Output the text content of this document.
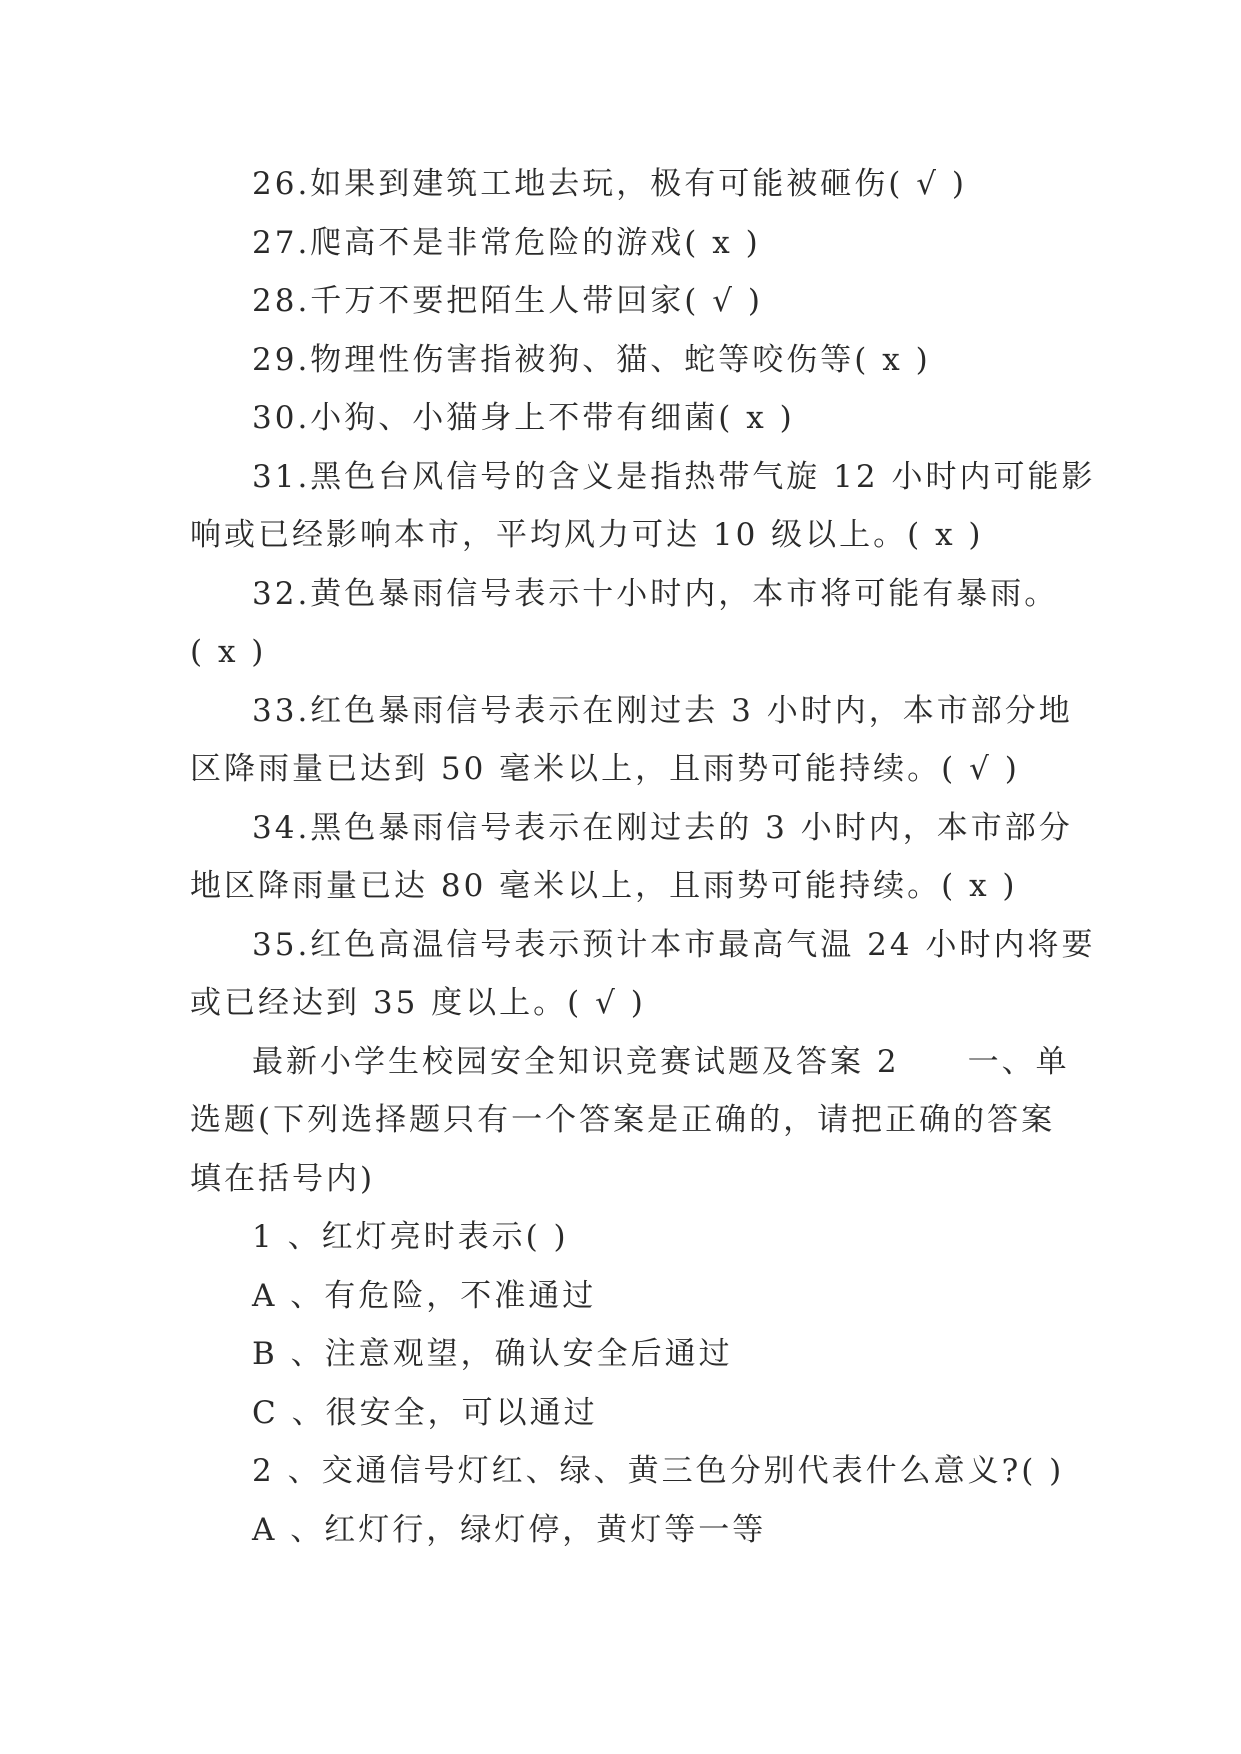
26.如果到建筑工地去玩，极有可能被砸伤( √ )
27.爬高不是非常危险的游戏( x )
28.千万不要把陌生人带回家( √ )
29.物理性伤害指被狗、猫、蛇等咬伤等( x )
30.小狗、小猫身上不带有细菌( x )
31.黑色台风信号的含义是指热带气旋 12 小时内可能影
响或已经影响本市，平均风力可达 10 级以上。( x )
32.黄色暴雨信号表示十小时内，本市将可能有暴雨。
( x )
33.红色暴雨信号表示在刚过去 3 小时内，本市部分地
区降雨量已达到 50 毫米以上，且雨势可能持续。( √ )
34.黑色暴雨信号表示在刚过去的 3 小时内，本市部分
地区降雨量已达 80 毫米以上，且雨势可能持续。( x )
35.红色高温信号表示预计本市最高气温 24 小时内将要
或已经达到 35 度以上。( √ )
最新小学生校园安全知识竞赛试题及答案 2　　一、单
选题(下列选择题只有一个答案是正确的，请把正确的答案
填在括号内)
1 、红灯亮时表示( )
A 、有危险，不准通过
B 、注意观望，确认安全后通过
C 、很安全，可以通过
2 、交通信号灯红、绿、黄三色分别代表什么意义?( )
A 、红灯行，绿灯停，黄灯等一等
